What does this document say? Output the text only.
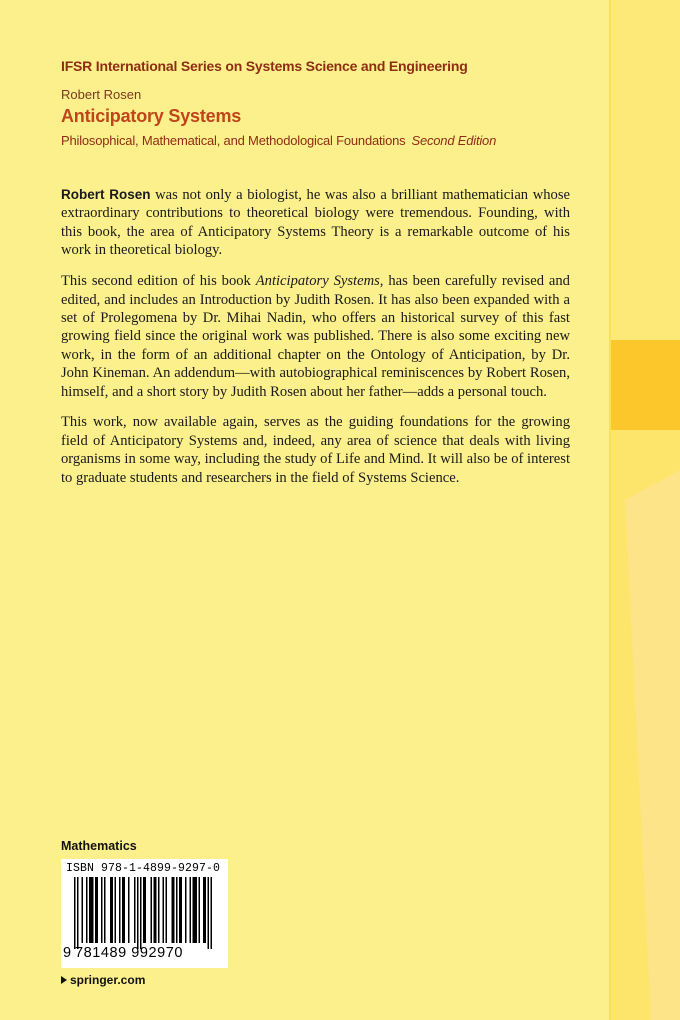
IFSR International Series on Systems Science and Engineering
Robert Rosen
Anticipatory Systems
Philosophical, Mathematical, and Methodological Foundations Second Edition

Robert Rosen was not only a biologist, he was also a brilliant mathematician whose extraordinary contributions to theoretical biology were tremendous. Founding, with this book, the area of Anticipatory Systems Theory is a remarkable outcome of his work in theoretical biology.

This second edition of his book Anticipatory Systems, has been carefully revised and edited, and includes an Introduction by Judith Rosen. It has also been expanded with a set of Prolegomena by Dr. Mihai Nadin, who offers an historical survey of this fast growing field since the original work was published. There is also some exciting new work, in the form of an additional chapter on the Ontology of Anticipation, by Dr. John Kineman. An addendum—with autobiographical reminiscences by Robert Rosen, himself, and a short story by Judith Rosen about her father—adds a personal touch.

This work, now available again, serves as the guiding foundations for the growing field of Anticipatory Systems and, indeed, any area of science that deals with living organisms in some way, including the study of Life and Mind. It will also be of interest to graduate students and researchers in the field of Systems Science.

Mathematics
ISBN 978-1-4899-9297-0
9 781489 992970
springer.com
